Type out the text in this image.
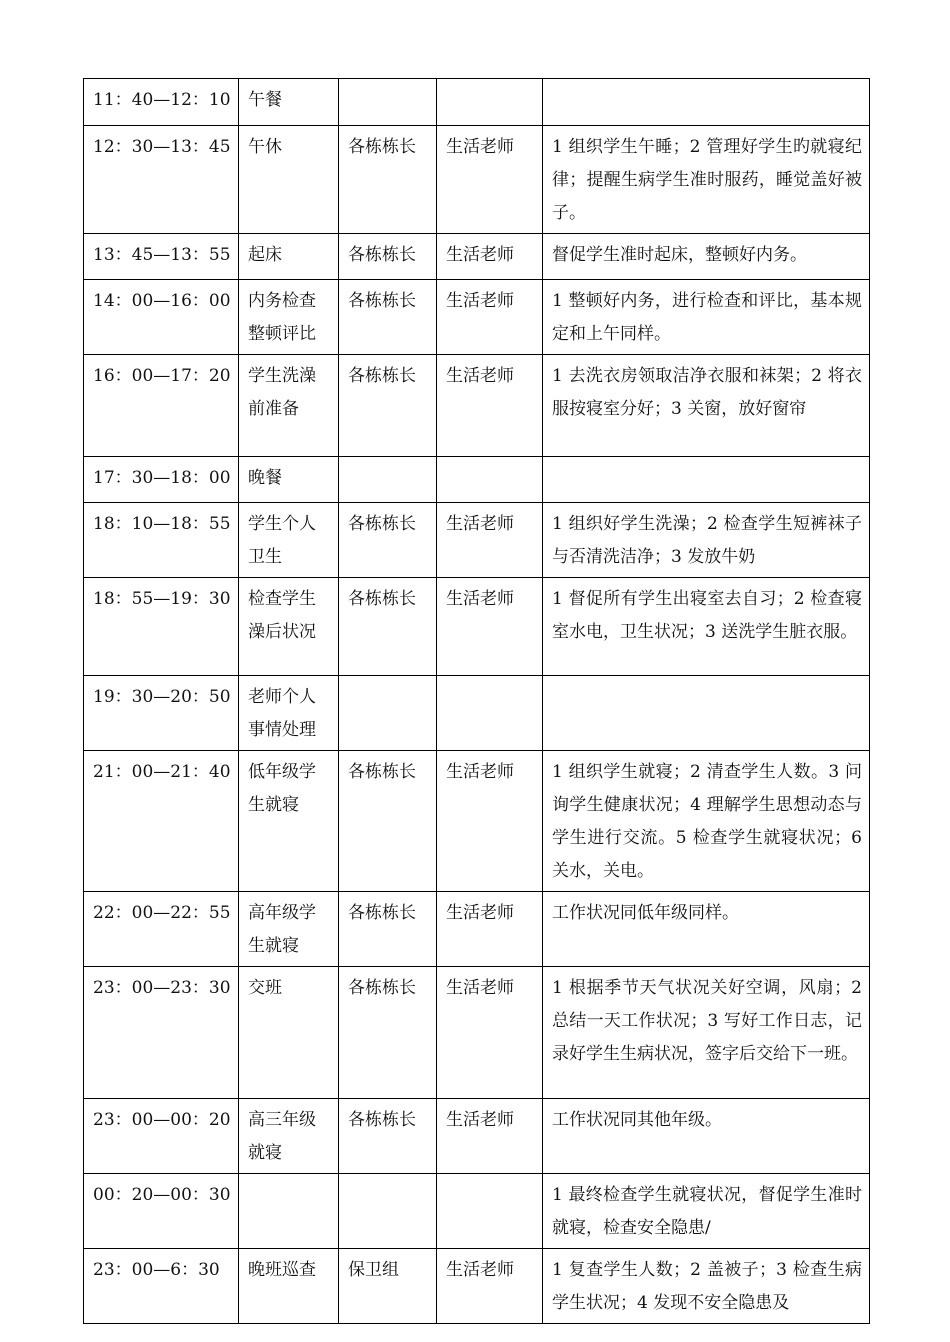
11：40—12：10	午餐			
12：30—13：45	午休	各栋栋长	生活老师	1 组织学生午睡；2 管理好学生旳就寝纪律；提醒生病学生准时服药，睡觉盖好被子。
13：45—13：55	起床	各栋栋长	生活老师	督促学生准时起床，整顿好内务。
14：00—16：00	内务检查整顿评比	各栋栋长	生活老师	1 整顿好内务，进行检查和评比，基本规定和上午同样。
16：00—17：20	学生洗澡前准备	各栋栋长	生活老师	1 去洗衣房领取洁净衣服和袜架；2 将衣服按寝室分好；3 关窗，放好窗帘
17：30—18：00	晚餐			
18：10—18：55	学生个人卫生	各栋栋长	生活老师	1 组织好学生洗澡；2 检查学生短裤袜子与否清洗洁净；3 发放牛奶
18：55—19：30	检查学生澡后状况	各栋栋长	生活老师	1 督促所有学生出寝室去自习；2 检查寝室水电，卫生状况；3 送洗学生脏衣服。
19：30—20：50	老师个人事情处理			
21：00—21：40	低年级学生就寝	各栋栋长	生活老师	1 组织学生就寝；2 清查学生人数。3 问询学生健康状况；4 理解学生思想动态与学生进行交流。5 检查学生就寝状况；6 关水，关电。
22：00—22：55	高年级学生就寝	各栋栋长	生活老师	工作状况同低年级同样。
23：00—23：30	交班	各栋栋长	生活老师	1 根据季节天气状况关好空调，风扇；2 总结一天工作状况；3 写好工作日志，记录好学生生病状况，签字后交给下一班。
23：00—00：20	高三年级就寝	各栋栋长	生活老师	工作状况同其他年级。
00：20—00：30				1 最终检查学生就寝状况，督促学生准时就寝，检查安全隐患/
23：00—6：30	晚班巡查	保卫组	生活老师	1 复查学生人数；2 盖被子；3 检查生病学生状况；4 发现不安全隐患及
